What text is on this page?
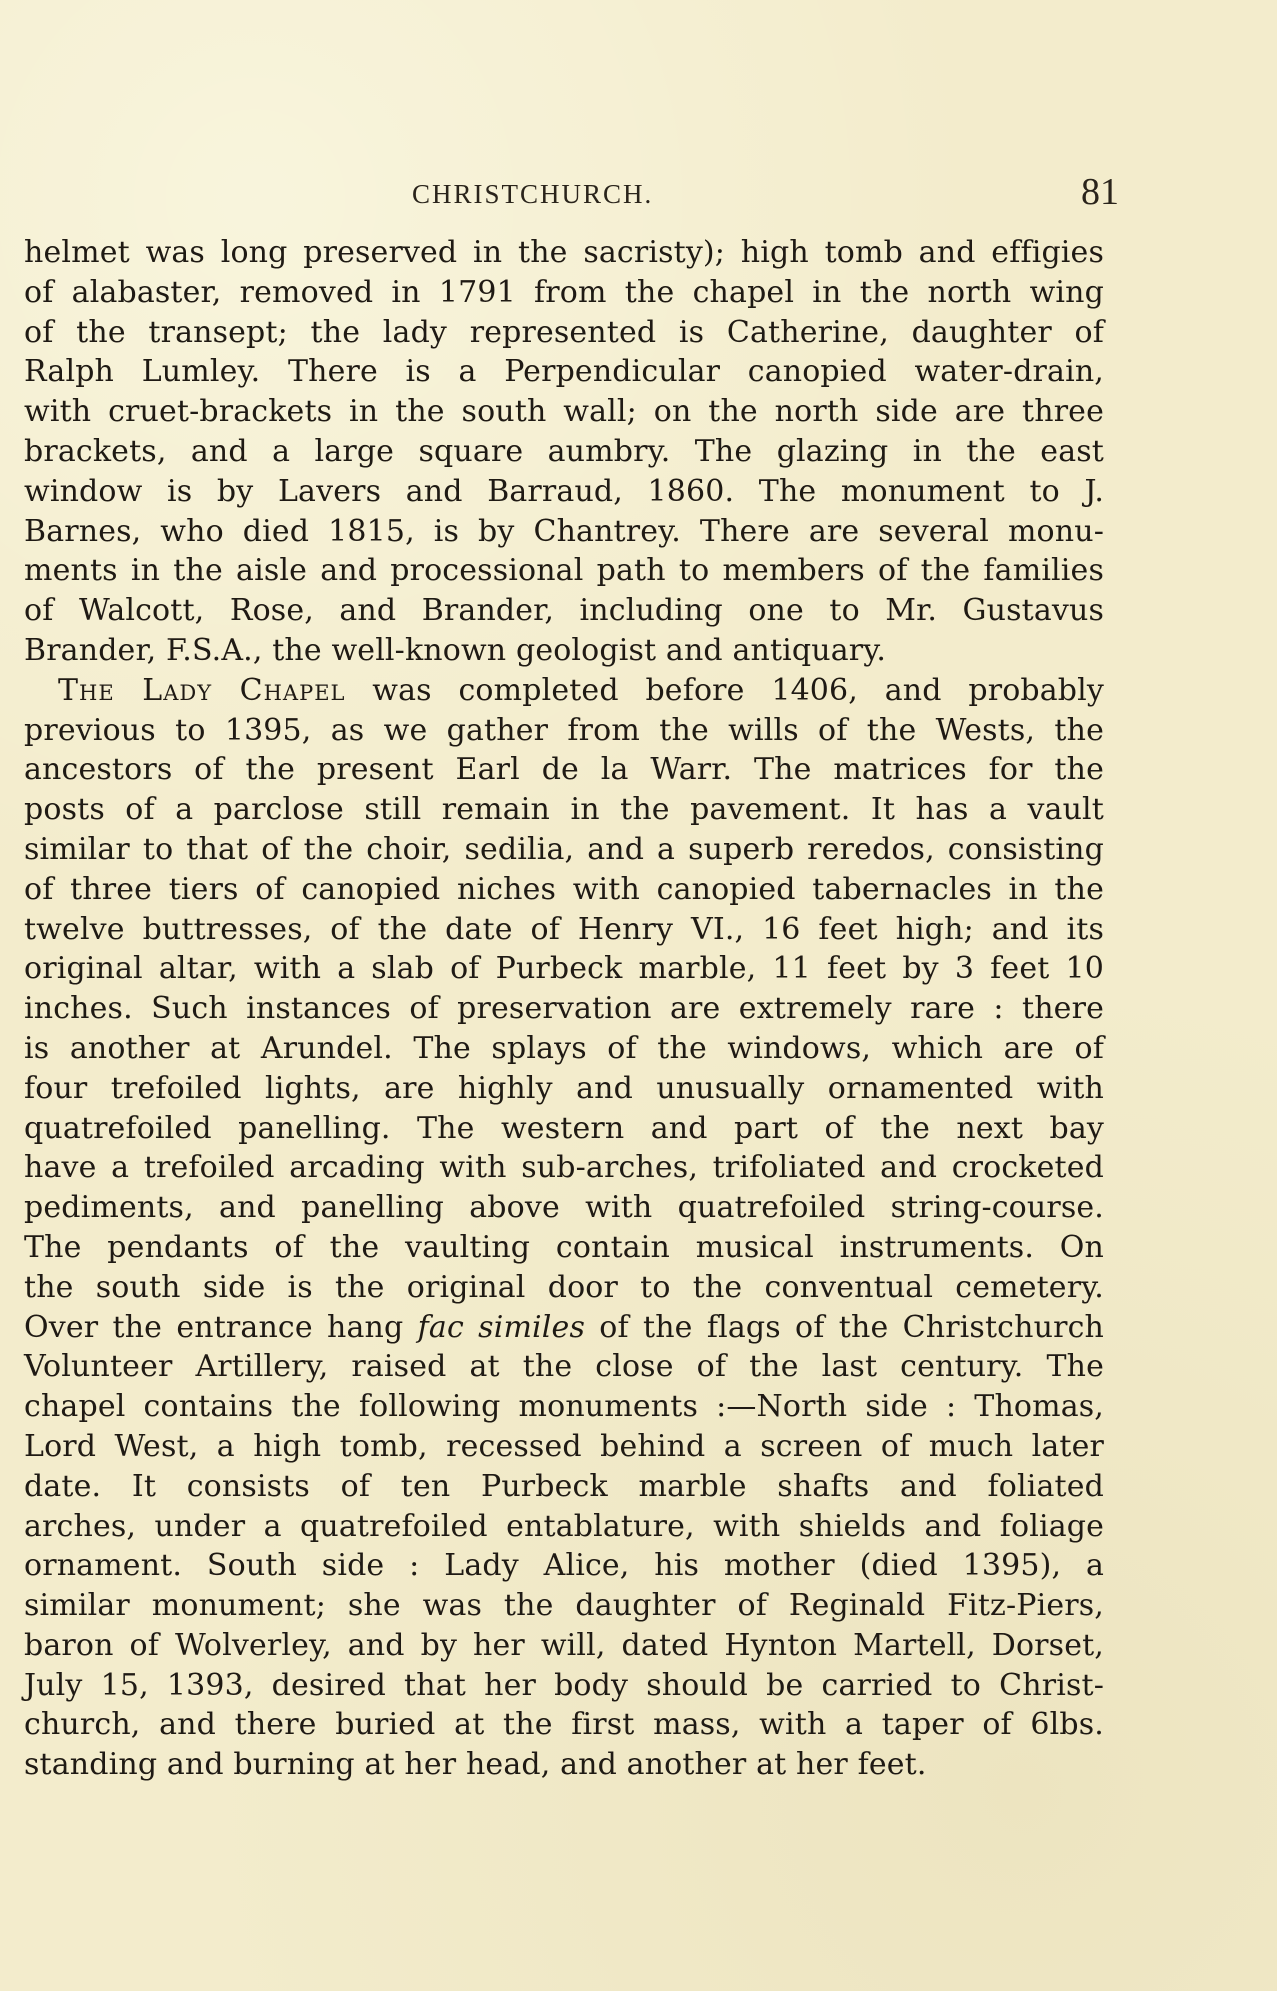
CHRISTCHURCH.	81
helmet was long preserved in the sacristy); high tomb and effigies
of alabaster, removed in 1791 from the chapel in the north wing
of the transept; the lady represented is Catherine, daughter of
Ralph Lumley. There is a Perpendicular canopied water-drain,
with cruet-brackets in the south wall; on the north side are three
brackets, and a large square aumbry. The glazing in the east
window is by Lavers and Barraud, 1860. The monument to J.
Barnes, who died 1815, is by Chantrey. There are several monu-
ments in the aisle and processional path to members of the families
of Walcott, Rose, and Brander, including one to Mr. Gustavus
Brander, F.S.A., the well-known geologist and antiquary.
The Lady Chapel was completed before 1406, and probably
previous to 1395, as we gather from the wills of the Wests, the
ancestors of the present Earl de la Warr. The matrices for the
posts of a parclose still remain in the pavement. It has a vault
similar to that of the choir, sedilia, and a superb reredos, consisting
of three tiers of canopied niches with canopied tabernacles in the
twelve buttresses, of the date of Henry VI., 16 feet high; and its
original altar, with a slab of Purbeck marble, 11 feet by 3 feet 10
inches. Such instances of preservation are extremely rare : there
is another at Arundel. The splays of the windows, which are of
four trefoiled lights, are highly and unusually ornamented with
quatrefoiled panelling. The western and part of the next bay
have a trefoiled arcading with sub-arches, trifoliated and crocketed
pediments, and panelling above with quatrefoiled string-course.
The pendants of the vaulting contain musical instruments. On
the south side is the original door to the conventual cemetery.
Over the entrance hang fac similes of the flags of the Christchurch
Volunteer Artillery, raised at the close of the last century. The
chapel contains the following monuments :—North side : Thomas,
Lord West, a high tomb, recessed behind a screen of much later
date. It consists of ten Purbeck marble shafts and foliated
arches, under a quatrefoiled entablature, with shields and foliage
ornament. South side : Lady Alice, his mother (died 1395), a
similar monument; she was the daughter of Reginald Fitz-Piers,
baron of Wolverley, and by her will, dated Hynton Martell, Dorset,
July 15, 1393, desired that her body should be carried to Christ-
church, and there buried at the first mass, with a taper of 6lbs.
standing and burning at her head, and another at her feet.
